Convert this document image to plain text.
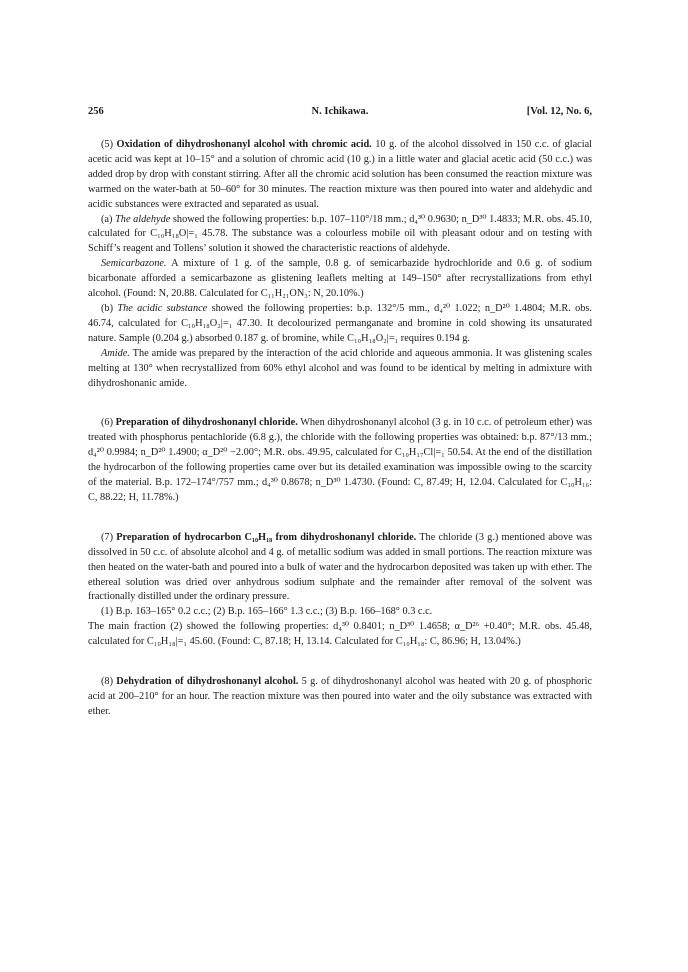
256	N. Ichikawa.	[Vol. 12, No. 6,

(5) Oxidation of dihydroshonanyl alcohol with chromic acid. 10 g. of the alcohol dissolved in 150 c.c. of glacial acetic acid was kept at 10–15° and a solution of chromic acid (10 g.) in a little water and glacial acetic acid (50 c.c.) was added drop by drop with constant stirring. After all the chromic acid solution has been consumed the reaction mixture was warmed on the water-bath at 50–60° for 30 minutes. The reaction mixture was then poured into water and aldehydic and acidic substances were extracted and separated as usual.

(a) The aldehyde showed the following properties: b.p. 107–110°/18 mm.; d₄³⁰ 0.9630; n_D³⁰ 1.4833; M.R. obs. 45.10, calculated for C₁₀H₁₈O|=₁ 45.78. The substance was a colourless mobile oil with pleasant odour and on testing with Schiff’s reagent and Tollens’ solution it showed the characteristic reactions of aldehyde.

Semicarbazone. A mixture of 1 g. of the sample, 0.8 g. of semicarbazide hydrochloride and 0.6 g. of sodium bicarbonate afforded a semicarbazone as glistening leaflets melting at 149–150° after recrystallizations from ethyl alcohol. (Found: N, 20.88. Calculated for C₁₁H₂₁ON₃: N, 20.10%.)

(b) The acidic substance showed the following properties: b.p. 132°/5 mm., d₄²⁰ 1.022; n_D²⁰ 1.4804; M.R. obs. 46.74, calculated for C₁₀H₁₈O₂|=₁ 47.30. It decolourized permanganate and bromine in cold showing its unsaturated nature. Sample (0.204 g.) absorbed 0.187 g. of bromine, while C₁₀H₁₈O₂|=₁ requires 0.194 g.

Amide. The amide was prepared by the interaction of the acid chloride and aqueous ammonia. It was glistening scales melting at 130° when recrystallized from 60% ethyl alcohol and was found to be identical by melting in admixture with dihydroshonanic amide.

(6) Preparation of dihydroshonanyl chloride. When dihydroshonanyl alcohol (3 g. in 10 c.c. of petroleum ether) was treated with phosphorus pentachloride (6.8 g.), the chloride with the following properties was obtained: b.p. 87°/13 mm.; d₄²⁰ 0.9984; n_D²⁰ 1.4900; α_D²⁰ −2.00°; M.R. obs. 49.95, calculated for C₁₀H₁₇Cl|=₁ 50.54. At the end of the distillation the hydrocarbon of the following properties came over but its detailed examination was impossible owing to the scarcity of the material. B.p. 172–174°/757 mm.; d₄³⁰ 0.8678; n_D³⁰ 1.4730. (Found: C, 87.49; H, 12.04. Calculated for C₁₀H₁₆: C, 88.22; H, 11.78%.)

(7) Preparation of hydrocarbon C₁₀H₁₈ from dihydroshonanyl chloride. The chloride (3 g.) mentioned above was dissolved in 50 c.c. of absolute alcohol and 4 g. of metallic sodium was added in small portions. The reaction mixture was then heated on the water-bath and poured into a bulk of water and the hydrocarbon deposited was taken up with ether. The ethereal solution was dried over anhydrous sodium sulphate and the remainder after removal of the solvent was fractionally distilled under the ordinary pressure.

(1) B.p. 163–165° 0.2 c.c.; (2) B.p. 165–166° 1.3 c.c.; (3) B.p. 166–168° 0.3 c.c.

The main fraction (2) showed the following properties: d₄³⁰ 0.8401; n_D³⁰ 1.4658; α_D²⁶ +0.40°; M.R. obs. 45.48, calculated for C₁₀H₁₈|=₁ 45.60. (Found: C, 87.18; H, 13.14. Calculated for C₁₀H₁₈: C, 86.96; H, 13.04%.)

(8) Dehydration of dihydroshonanyl alcohol. 5 g. of dihydroshonanyl alcohol was heated with 20 g. of phosphoric acid at 200–210° for an hour. The reaction mixture was then poured into water and the oily substance was extracted with ether.
